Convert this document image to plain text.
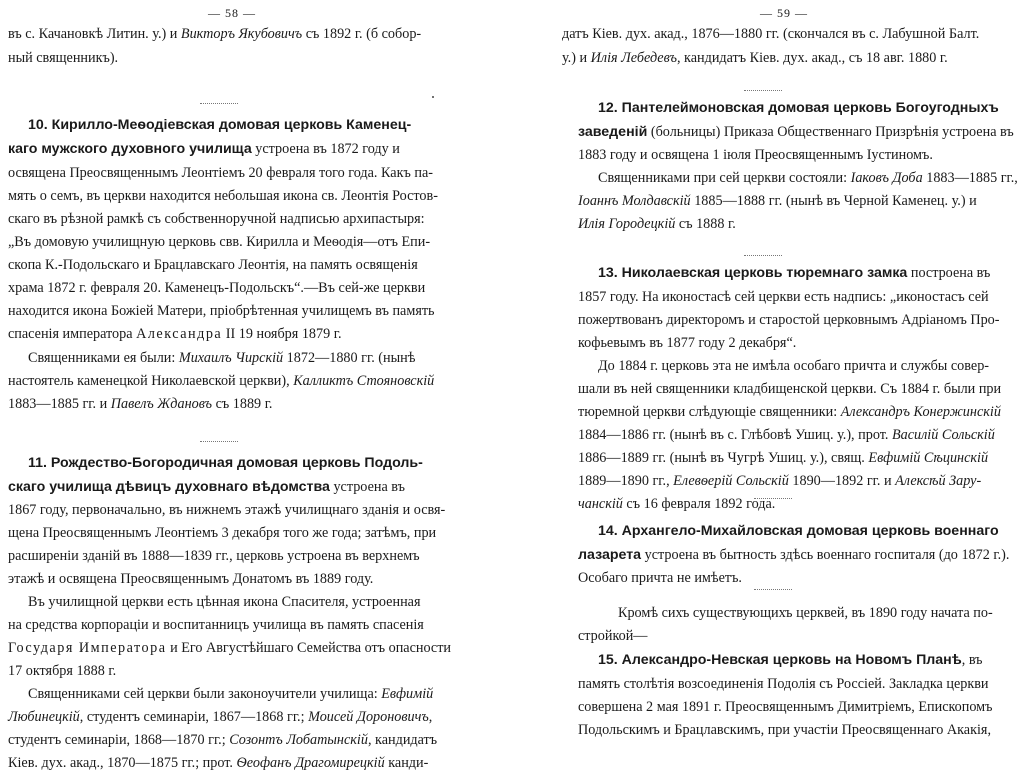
— 58 —
въ с. Качановкѣ Литин. у.) и Викторъ Якубовичъ съ 1892 г. (б собор-
ный священникъ).
10. Кирилло-Меѳодіевская домовая церковь Каменец-
каго мужского духовного училища устроена въ 1872 году и
освящена Преосвященнымъ Леонтіемъ 20 февраля того года. Какъ па-
мять о семъ, въ церкви находится небольшая икона св. Леонтія Ростов-
скаго въ рѣзной рамкѣ съ собственноручной надписью архипастыря:
„Въ домовую училищную церковь свв. Кирилла и Меѳодія—отъ Епи-
скопа К.-Подольскаго и Брацлавскаго Леонтія, на память освященія
храма 1872 г. февраля 20. Каменецъ-Подольскъ“.—Въ сей-же церкви
находится икона Божіей Матери, пріобрѣтенная училищемъ въ память
спасенія императора Александра II 19 ноября 1879 г.
Священниками ея были: Михаилъ Чирскій 1872—1880 гг. (нынѣ
настоятель каменецкой Николаевской церкви), Калликтъ Стояновскій
1883—1885 гг. и Павелъ Ждановъ съ 1889 г.
11. Рождество-Богородичная домовая церковь Подоль-
скаго училища дѣвицъ духовнаго вѣдомства устроена въ
1867 году, первоначально, въ нижнемъ этажѣ училищнаго зданія и освя-
щена Преосвященнымъ Леонтіемъ 3 декабря того же года; затѣмъ, при
расширеніи зданій въ 1888—1839 гг., церковь устроена въ верхнемъ
этажѣ и освящена Преосвященнымъ Донатомъ въ 1889 году.
Въ училищной церкви есть цѣнная икона Спасителя, устроенная
на средства корпораціи и воспитанницъ училища въ память спасенія
Государя Императора и Его Августѣйшаго Семейства отъ опасности
17 октября 1888 г.
Священниками сей церкви были законоучители училища: Евфимій
Любинецкій, студентъ семинаріи, 1867—1868 гг.; Моисей Дороновичъ,
студентъ семинаріи, 1868—1870 гг.; Созонтъ Лобатынскій, кандидатъ
Кіев. дух. акад., 1870—1875 гг.; прот. Ѳеофанъ Драгомирецкій канди-
— 59 —
датъ Кіев. дух. акад., 1876—1880 гг. (скончался въ с. Лабушной Балт.
у.) и Илія Лебедевъ, кандидатъ Кіев. дух. акад., съ 18 авг. 1880 г.
12. Пантелеймоновская домовая церковь Богоугодныхъ
заведеній (больницы) Приказа Общественнаго Призрѣнія устроена въ
1883 году и освящена 1 іюля Преосвященнымъ Іустиномъ.
Священниками при сей церкви состояли: Іаковъ Доба 1883—1885 гг.,
Іоаннъ Молдавскій 1885—1888 гг. (нынѣ въ Черной Каменец. у.) и
Илія Городецкій съ 1888 г.
13. Николаевская церковь тюремнаго замка построена въ
1857 году. На иконостасѣ сей церкви есть надпись: „иконостасъ сей
пожертвованъ директоромъ и старостой церковнымъ Адріаномъ Про-
кофьевымъ въ 1877 году 2 декабря“.
До 1884 г. церковь эта не имѣла особаго причта и службы совер-
шали въ ней священники кладбищенской церкви. Съ 1884 г. были при
тюремной церкви слѣдующіе священники: Александръ Конержинскій
1884—1886 гг. (нынѣ въ с. Глѣбовѣ Ушиц. у.), прот. Василій Сольскій
1886—1889 гг. (нынѣ въ Чугрѣ Ушиц. у.), свящ. Евфимій Сѣцинскій
1889—1890 гг., Елевѳерій Сольскій 1890—1892 гг. и Алексѣй Зару-
чанскій съ 16 февраля 1892 года.
14. Архангело-Михайловская домовая церковь военнаго
лазарета устроена въ бытность здѣсь военнаго госпиталя (до 1872 г.).
Особаго причта не имѣетъ.
Кромѣ сихъ существующихъ церквей, въ 1890 году начата по-
стройкой—
15. Александро-Невская церковь на Новомъ Планѣ, въ
память столѣтія возсоединенія Подолія съ Россіей. Закладка церкви
совершена 2 мая 1891 г. Преосвященнымъ Димитріемъ, Епископомъ
Подольскимъ и Брацлавскимъ, при участіи Преосвященнаго Акакія,
